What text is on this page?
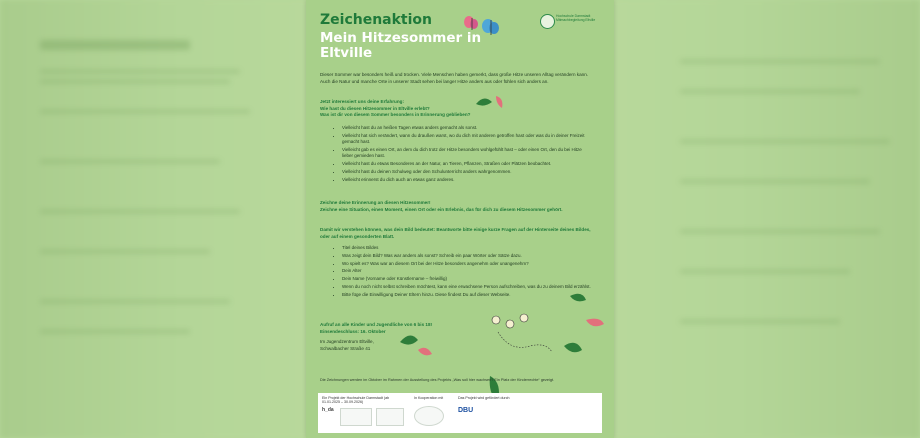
Zeichenaktion
Mein Hitzesommer in Eltville
Hochschule Darmstadt Mitmachbegleitung Eltville
Dieser Sommer war besonders heiß und trocken. Viele Menschen haben gemerkt, dass große Hitze unseren Alltag verändern kann. Auch die Natur und manche Orte in unserer Stadt sehen bei langer Hitze anders aus oder fühlen sich anders an.
Jetzt interessiert uns deine Erfahrung:
Wie hast du diesen Hitzesommer in Eltville erlebt?
Was ist dir von diesem Sommer besonders in Erinnerung geblieben?
• Vielleicht hast du an heißen Tagen etwas anders gemacht als sonst.
• Vielleicht hat sich verändert, wann du draußen warst, wo du dich mit anderen getroffen hast oder was du in deiner Freizeit gemacht hast.
• Vielleicht gab es einen Ort, an dem du dich trotz der Hitze besonders wohlgefühlt hast – oder einen Ort, den du bei Hitze lieber gemieden hast.
• Vielleicht hast du etwas Besonderes an der Natur, an Tieren, Pflanzen, Straßen oder Plätzen beobachtet.
• Vielleicht hast du deinen Schulweg oder den Schulunterricht anders wahrgenommen.
• Vielleicht erinnerst du dich auch an etwas ganz anderes.
Zeichne deine Erinnerung an diesen Hitzesommer!
Zeichne eine Situation, einen Moment, einen Ort oder ein Erlebnis, das für dich zu diesem Hitzesommer gehört.
Damit wir verstehen können, was dein Bild bedeutet: Beantworte bitte einige kurze Fragen auf der Hinterseite deines Bildes, oder auf einem gesonderten Blatt.
• Titel deines Bildes
• Was zeigt dein Bild? Was war anders als sonst? Schreib ein paar Wörter oder Sätze dazu.
• Wo spielt es? Was war an diesem Ort bei der Hitze besonders angenehm oder unangenehm?
• Dein Alter
• Dein Name (Vorname oder Künstlername – freiwillig)
• Wenn du noch nicht selbst schreiben möchtest, kann eine erwachsene Person aufschreiben, was du zu deinem Bild erzählst.
• Bitte füge die Einwilligung Deiner Eltern hinzu. Diese findest Du auf dieser Webseite.
Aufruf an alle Kinder und Jugendliche von 6 bis 18!
Einsendeschluss: 16. Oktober
Im Jugendzentrum Eltville,
Schwalbacher Straße 41
Die Zeichnungen werden im Oktober im Rahmen der Ausstellung des Projekts „Was soll hier wachsen? Ein Platz der Kinderrechte“ gezeigt.
Ein Projekt der Hochschule Darmstadt (ab 01.01.2025 – 30.09.2026)
h_da
In Kooperation mit	Das Projekt wird gefördert durch
DBU
